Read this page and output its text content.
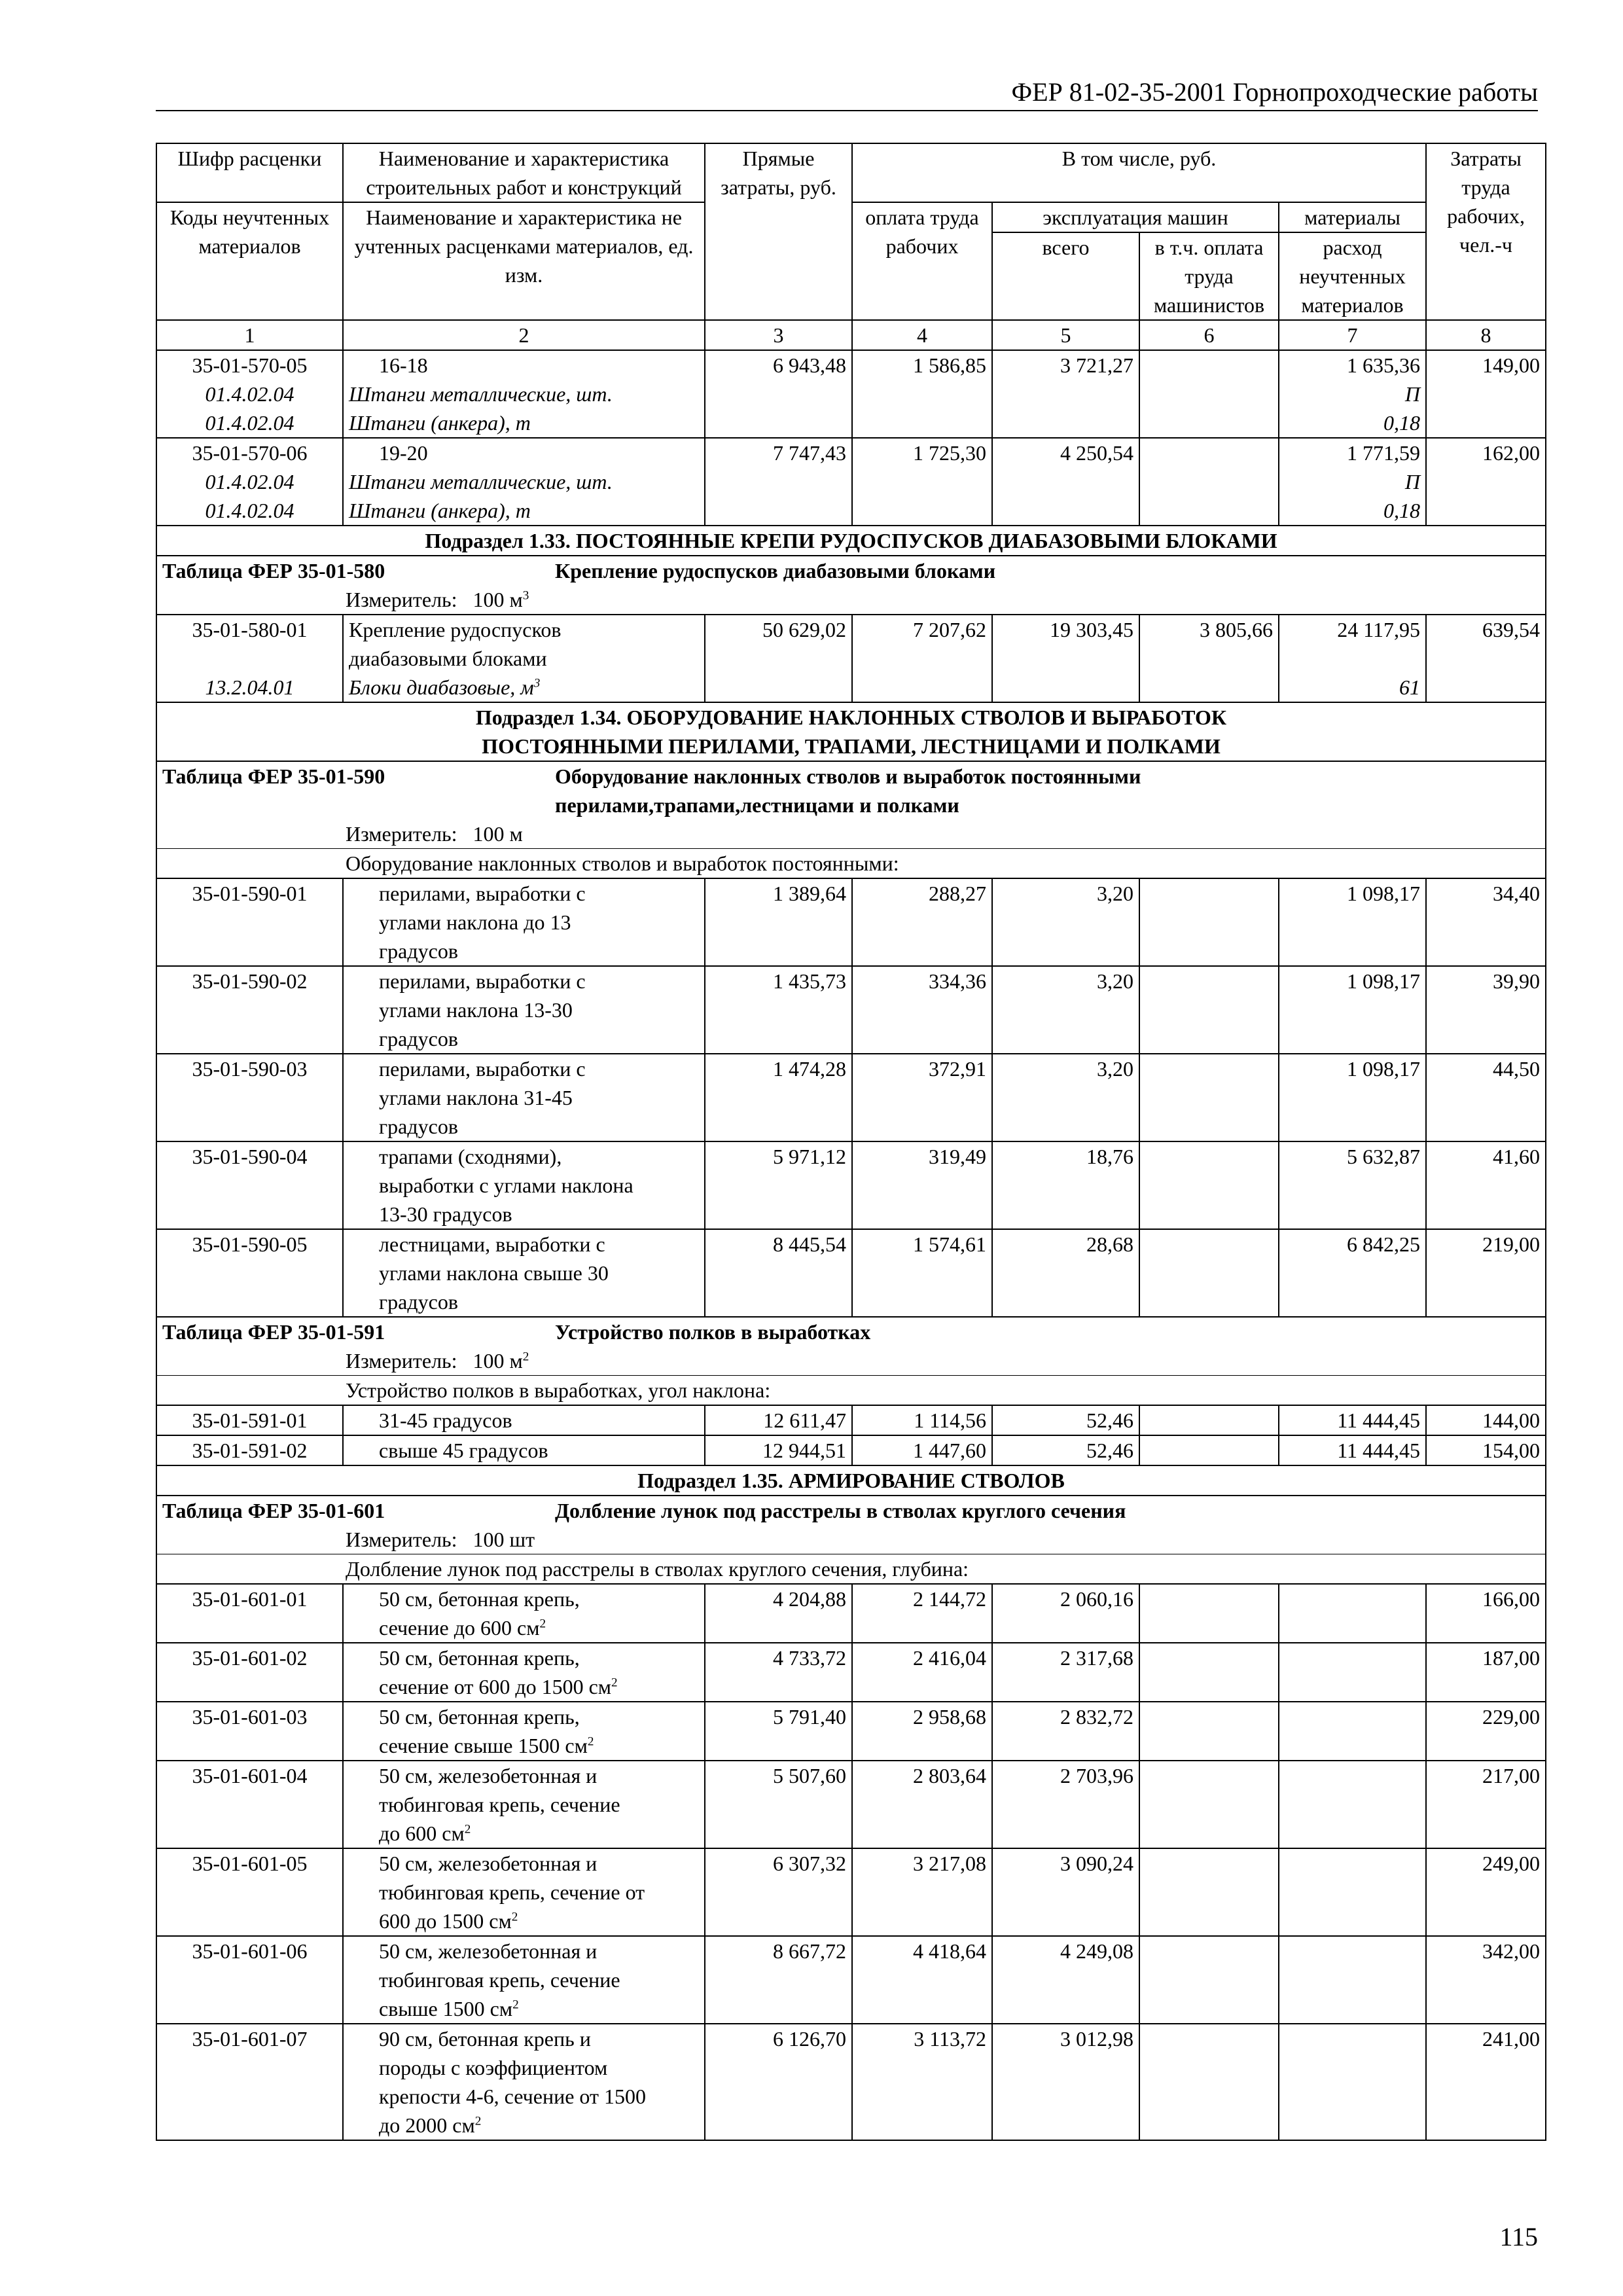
ФЕР 81-02-35-2001 Горнопроходческие работы
Шифр расценки	Наименование и характеристика строительных работ и конструкций	Прямые затраты, руб.	В том числе, руб.				Затраты труда рабочих, чел.-ч
Коды неучтенных материалов	Наименование и характеристика не учтенных расценками материалов, ед. изм.		оплата труда рабочих	эксплуатация машин		материалы	
				всего	в т.ч. оплата труда машинистов	расход неучтенных материалов	

1	2	3	4	5	6	7	8
35-01-570-05	16-18	6 943,48	1 586,85	3 721,27		1 635,36	149,00
01.4.02.04	Штанги металлические, шт.					П	
01.4.02.04	Штанги (анкера), т					0,18	
35-01-570-06	19-20	7 747,43	1 725,30	4 250,54		1 771,59	162,00
01.4.02.04	Штанги металлические, шт.					П	
01.4.02.04	Штанги (анкера), т					0,18	
Подраздел 1.33. ПОСТОЯННЫЕ КРЕПИ РУДОСПУСКОВ ДИАБАЗОВЫМИ БЛОКАМИ							
Таблица ФЕР 35-01-580 Крепление рудоспусков диабазовыми блоками							
Измеритель: 100 $м^3$
35-01-580-01	Крепление рудоспусков
диабазовыми блоками	50 629,02	7 207,62	19 303,45	3 805,66	24 117,95	639,54
13.2.04.01	Блоки диабазовые, $м^3$					61	
Подраздел 1.34. ОБОРУДОВАНИЕ НАКЛОННЫХ СТВОЛОВ И ВЫРАБОТОК
ПОСТОЯННЫМИ ПЕРИЛАМИ, ТРАПАМИ, ЛЕСТНИЦАМИ И ПОЛКАМИ							
Таблица ФЕР 35-01-590 Оборудование наклонных стволов и выработок постоянными
перилами,трапами,лестницами и полками							
Измеритель: 100 м							
Оборудование наклонных стволов и выработок постоянными:							
35-01-590-01	перилами, выработки с
углами наклона до 13
градусов	1 389,64	288,27	3,20		1 098,17	34,40
35-01-590-02	перилами, выработки с
углами наклона 13-30
градусов	1 435,73	334,36	3,20		1 098,17	39,90
35-01-590-03	перилами, выработки с
углами наклона 31-45
градусов	1 474,28	372,91	3,20		1 098,17	44,50
35-01-590-04	трапами (сходнями),
выработки с углами наклона
13-30 градусов	5 971,12	319,49	18,76		5 632,87	41,60
35-01-590-05	лестницами, выработки с
углами наклона свыше 30
градусов	8 445,54	1 574,61	28,68		6 842,25	219,00
Таблица ФЕР 35-01-591 Устройство полков в выработках							
Измеритель: 100 $м^2$
Устройство полков в выработках, угол наклона:							
35-01-591-01	31-45 градусов	12 611,47	1 114,56	52,46		11 444,45	144,00
35-01-591-02	свыше 45 градусов	12 944,51	1 447,60	52,46		11 444,45	154,00
Подраздел 1.35. АРМИРОВАНИЕ СТВОЛОВ							
Таблица ФЕР 35-01-601 Долбление лунок под расстрелы в стволах круглого сечения							
Измеритель: 100 шт							
Долбление лунок под расстрелы в стволах круглого сечения, глубина:							
35-01-601-01	50 см, бетонная крепь,
сечение до 600 $см^2$	4 204,88	2 144,72	2 060,16			166,00
35-01-601-02	50 см, бетонная крепь,
сечение от 600 до 1500 $см^2$	4 733,72	2 416,04	2 317,68			187,00
35-01-601-03	50 см, бетонная крепь,
сечение свыше 1500 $см^2$	5 791,40	2 958,68	2 832,72			229,00
35-01-601-04	50 см, железобетонная и
тюбинговая крепь, сечение
до 600 $см^2$	5 507,60	2 803,64	2 703,96			217,00
35-01-601-05	50 см, железобетонная и
тюбинговая крепь, сечение от
600 до 1500 $см^2$	6 307,32	3 217,08	3 090,24			249,00
35-01-601-06	50 см, железобетонная и
тюбинговая крепь, сечение
свыше 1500 $см^2$	8 667,72	4 418,64	4 249,08			342,00
35-01-601-07	90 см, бетонная крепь и
породы с коэффициентом
крепости 4-6, сечение от 1500
до 2000 $см^2$	6 126,70	3 113,72	3 012,98			241,00
115
